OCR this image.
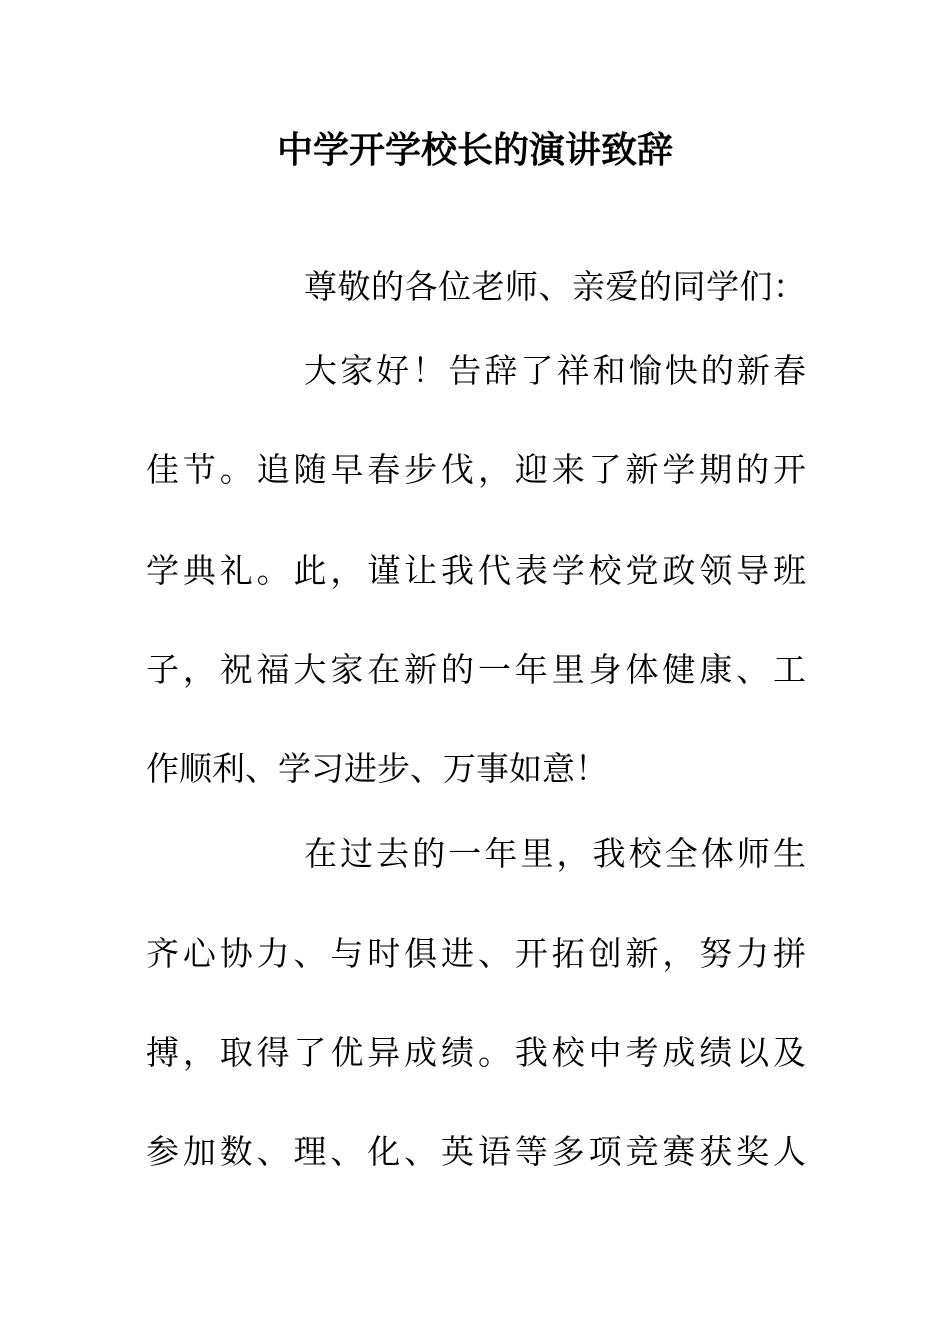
中学开学校长的演讲致辞

尊敬的各位老师、亲爱的同学们：

大家好！告辞了祥和愉快的新春

佳节。追随早春步伐，迎来了新学期的开

学典礼。此，谨让我代表学校党政领导班

子，祝福大家在新的一年里身体健康、工

作顺利、学习进步、万事如意！

在过去的一年里，我校全体师生

齐心协力、与时俱进、开拓创新，努力拼

搏，取得了优异成绩。我校中考成绩以及

参加数、理、化、英语等多项竞赛获奖人
